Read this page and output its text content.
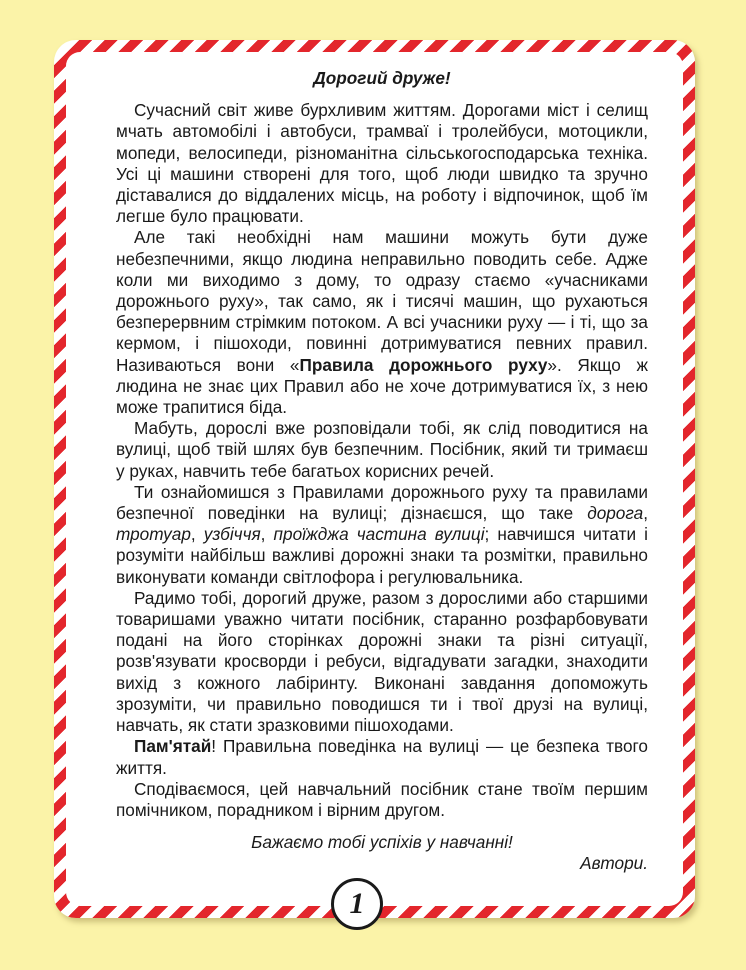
Дорогий друже!

Сучасний світ живе бурхливим життям. Дорогами міст і селищ мчать автомобілі і автобуси, трамваї і тролейбуси, мотоцикли, мопеди, велосипеди, різноманітна сільськогосподарська техніка. Усі ці машини створені для того, щоб люди швидко та зручно діставалися до віддалених місць, на роботу і відпочинок, щоб їм легше було працювати.

Але такі необхідні нам машини можуть бути дуже небезпечними, якщо людина неправильно поводить себе. Адже коли ми виходимо з дому, то одразу стаємо «учасниками дорожнього руху», так само, як і тисячі машин, що рухаються безперервним стрімким потоком. А всі учасники руху — і ті, що за кермом, і пішоходи, повинні дотримуватися певних правил. Називаються вони «Правила дорожнього руху». Якщо ж людина не знає цих Правил або не хоче дотримуватися їх, з нею може трапитися біда.

Мабуть, дорослі вже розповідали тобі, як слід поводитися на вулиці, щоб твій шлях був безпечним. Посібник, який ти тримаєш у руках, навчить тебе багатьох корисних речей.

Ти ознайомишся з Правилами дорожнього руху та правилами безпечної поведінки на вулиці; дізнаєшся, що таке дорога, тротуар, узбіччя, проїжджа частина вулиці; навчишся читати і розуміти найбільш важливі дорожні знаки та розмітки, правильно виконувати команди світлофора і регулювальника.

Радимо тобі, дорогий друже, разом з дорослими або старшими товаришами уважно читати посібник, старанно розфарбовувати подані на його сторінках дорожні знаки та різні ситуації, розв'язувати кросворди і ребуси, відгадувати загадки, знаходити вихід з кожного лабіринту. Виконані завдання допоможуть зрозуміти, чи правильно поводишся ти і твої друзі на вулиці, навчать, як стати зразковими пішоходами.

Пам'ятай! Правильна поведінка на вулиці — це безпека твого життя.

Сподіваємося, цей навчальний посібник стане твоїм першим помічником, порадником і вірним другом.

Бажаємо тобі успіхів у навчанні!

Автори.

1
